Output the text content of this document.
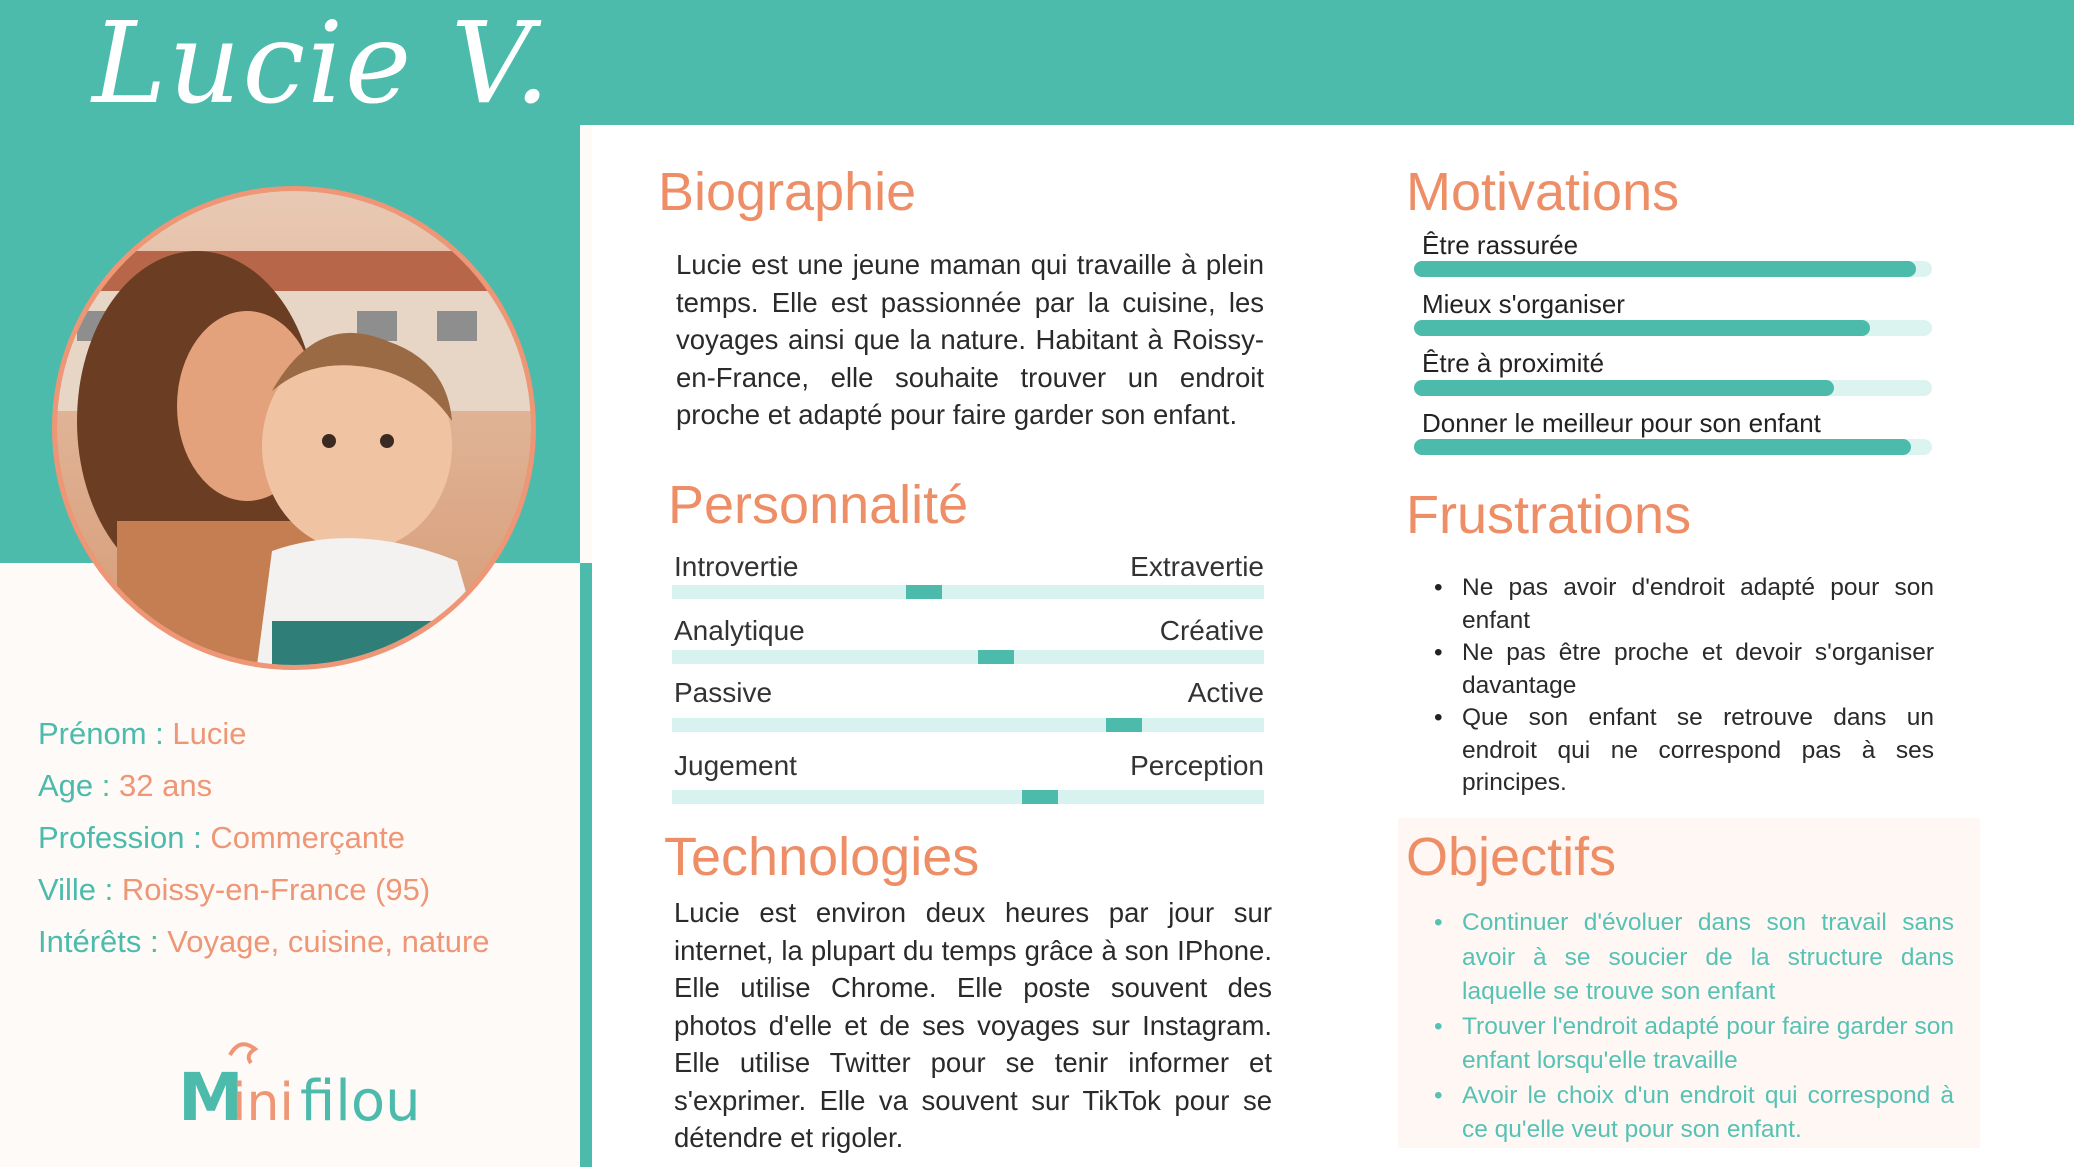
Lucie V.
Prénom : Lucie
Age : 32 ans
Profession : Commerçante
Ville : Roissy-en-France (95)
Intérêts : Voyage, cuisine, nature
M
ini filou
Biographie
Lucie est une jeune maman qui travaille à plein temps. Elle est passionnée par la cuisine, les voyages ainsi que la nature. Habitant à Roissy-en-France, elle souhaite trouver un endroit proche et adapté pour faire garder son enfant.
Personnalité
Introvertie	Extravertie
Analytique	Créative
Passive	Active
Jugement	Perception
Technologies
Lucie est environ deux heures par jour sur internet, la plupart du temps grâce à son IPhone. Elle utilise Chrome. Elle poste souvent des photos d'elle et de ses voyages sur Instagram. Elle utilise Twitter pour se tenir informer et s'exprimer. Elle va souvent sur TikTok pour se détendre et rigoler.
Motivations
Être rassurée
Mieux s'organiser
Être à proximité
Donner le meilleur pour son enfant
Frustrations
• Ne pas avoir d'endroit adapté pour son enfant
• Ne pas être proche et devoir s'organiser davantage
• Que son enfant se retrouve dans un endroit qui ne correspond pas à ses principes.
Objectifs
• Continuer d'évoluer dans son travail sans avoir à se soucier de la structure dans laquelle se trouve son enfant
• Trouver l'endroit adapté pour faire garder son enfant lorsqu'elle travaille
• Avoir le choix d'un endroit qui correspond à ce qu'elle veut pour son enfant.
